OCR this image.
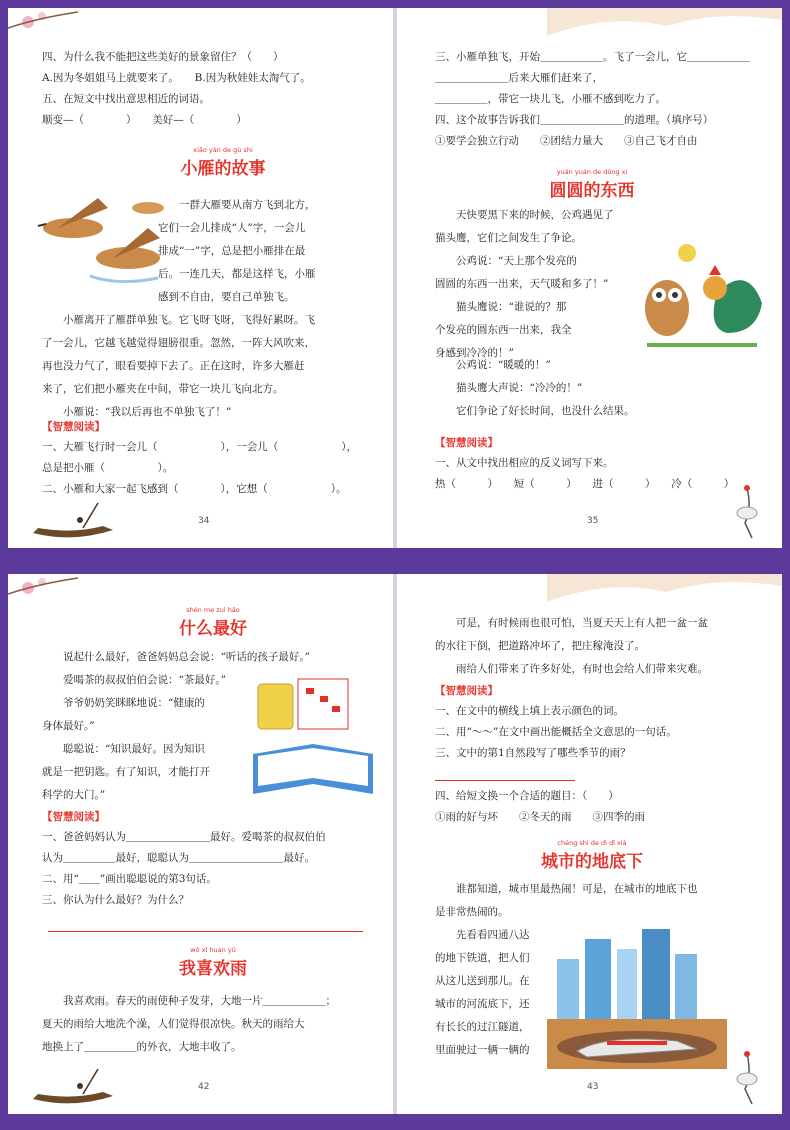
四、为什么我不能把这些美好的景象留住？（　　）
A.因为冬姐姐马上就要来了。　　B.因为秋娃娃太淘气了。
五、在短文中找出意思相近的词语。
顺变—（　　　　）　　美好—（　　　　）
xiǎo yàn de gù shi
小雁的故事
　　一群大雁要从南方飞到北方，
它们一会儿排成“人”字，一会儿
排成“一”字，总是把小雁排在最
后。一连几天，都是这样飞，小雁
感到不自由，要自己单独飞。
　　小雁离开了雁群单独飞。它飞呀飞呀，飞得好累呀。飞
了一会儿，它越飞越觉得翅膀很重。忽然，一阵大风吹来，
再也没力气了，眼看要掉下去了。正在这时，许多大雁赶
来了，它们把小雁夹在中间，带它一块儿飞向北方。
　　小雁说：“我以后再也不单独飞了！”
【智慧阅读】
一、大雁飞行时一会儿（　　　　　　），一会儿（　　　　　　），
总是把小雁（　　　　　）。
二、小雁和大家一起飞感到（　　　　），它想（　　　　　　）。
34
三、小雁单独飞，开始＿＿＿＿＿＿。飞了一会儿，它＿＿＿＿＿＿
＿＿＿＿＿＿＿后来大雁们赶来了，
＿＿＿＿＿，带它一块儿飞，小雁不感到吃力了。
四、这个故事告诉我们＿＿＿＿＿＿＿＿的道理。（填序号）
①要学会独立行动　　②团结力量大　　③自己飞才自由
yuán yuán de dōng xi
圆圆的东西
　　天快要黑下来的时候，公鸡遇见了
猫头鹰，它们之间发生了争论。
　　公鸡说：“天上那个发亮的
圆圆的东西一出来，天气暖和多了！”
　　猫头鹰说：“谁说的？那
个发亮的圆东西一出来，我全
身感到冷冷的！”
　　公鸡说：“暖暖的！”
　　猫头鹰大声说：“冷冷的！”
　　它们争论了好长时间，也没什么结果。
【智慧阅读】
一、从文中找出相应的反义词写下来。
热（　　　）　　短（　　　）　　进（　　　）　　冷（　　　）
35
shén me zuì hǎo
什么最好
　　说起什么最好，爸爸妈妈总会说：“听话的孩子最好。”
　　爱喝茶的叔叔伯伯会说：“茶最好。”
　　爷爷奶奶笑眯眯地说：“健康的
身体最好。”
　　聪聪说：“知识最好。因为知识
就是一把钥匙。有了知识，才能打开
科学的大门。”
【智慧阅读】
一、爸爸妈妈认为＿＿＿＿＿＿＿＿最好。爱喝茶的叔叔伯伯
认为＿＿＿＿＿最好，聪聪认为＿＿＿＿＿＿＿＿＿最好。
二、用“＿＿”画出聪聪说的第3句话。
三、你认为什么最好？为什么？
wǒ xǐ huan yǔ
我喜欢雨
　　我喜欢雨。春天的雨使种子发芽，大地一片＿＿＿＿＿＿；
夏天的雨给大地洗个澡，人们觉得很凉快。秋天的雨给大
地换上了＿＿＿＿＿的外衣，大地丰收了。
42
　　可是，有时候雨也很可怕，当夏天天上有人把一盆一盆
的水往下倒，把道路冲坏了，把庄稼淹没了。
　　雨给人们带来了许多好处，有时也会给人们带来灾难。
【智慧阅读】
一、在文中的横线上填上表示颜色的词。
二、用“～～”在文中画出能概括全文意思的一句话。
三、文中的第1自然段写了哪些季节的雨？
四、给短文换一个合适的题目：（　　）
①雨的好与坏　　②冬天的雨　　③四季的雨
chéng shì de dì dǐ xià
城市的地底下
　　谁都知道，城市里最热闹！可是，在城市的地底下也
是非常热闹的。
　　先看看四通八达
的地下铁道，把人们
从这儿送到那儿。在
城市的河流底下，还
有长长的过江隧道，
里面驶过一辆一辆的
43
